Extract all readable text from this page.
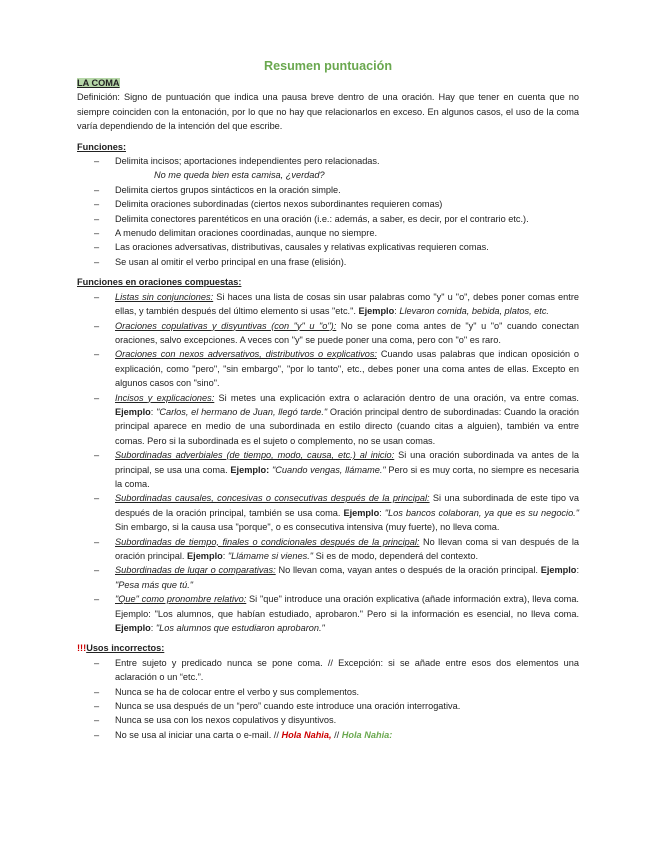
Resumen puntuación
LA COMA
Definición: Signo de puntuación que indica una pausa breve dentro de una oración. Hay que tener en cuenta que no siempre coinciden con la entonación, por lo que no hay que relacionarlos en exceso. En algunos casos, el uso de la coma varía dependiendo de la intención del que escribe.
Funciones:
– Delimita incisos; aportaciones independientes pero relacionadas.
No me queda bien esta camisa, ¿verdad?
– Delimita ciertos grupos sintácticos en la oración simple.
– Delimita oraciones subordinadas (ciertos nexos subordinantes requieren comas)
– Delimita conectores parentéticos en una oración (i.e.: además, a saber, es decir, por el contrario etc.).
– A menudo delimitan oraciones coordinadas, aunque no siempre.
– Las oraciones adversativas, distributivas, causales y relativas explicativas requieren comas.
– Se usan al omitir el verbo principal en una frase (elisión).
Funciones en oraciones compuestas:
– Listas sin conjunciones: Si haces una lista de cosas sin usar palabras como "y" u "o", debes poner comas entre ellas, y también después del último elemento si usas "etc.". Ejemplo: Llevaron comida, bebida, platos, etc.
– Oraciones copulativas y disyuntivas (con "y" u "o"): No se pone coma antes de "y" u "o" cuando conectan oraciones, salvo excepciones. A veces con "y" se puede poner una coma, pero con "o" es raro.
– Oraciones con nexos adversativos, distributivos o explicativos: Cuando usas palabras que indican oposición o explicación, como "pero", "sin embargo", "por lo tanto", etc., debes poner una coma antes de ellas. Excepto en algunos casos con "sino".
– Incisos y explicaciones: Si metes una explicación extra o aclaración dentro de una oración, va entre comas. Ejemplo: "Carlos, el hermano de Juan, llegó tarde." Oración principal dentro de subordinadas: Cuando la oración principal aparece en medio de una subordinada en estilo directo (cuando citas a alguien), también va entre comas. Pero si la subordinada es el sujeto o complemento, no se usan comas.
– Subordinadas adverbiales (de tiempo, modo, causa, etc.) al inicio: Si una oración subordinada va antes de la principal, se usa una coma. Ejemplo: "Cuando vengas, llámame." Pero si es muy corta, no siempre es necesaria la coma.
– Subordinadas causales, concesivas o consecutivas después de la principal: Si una subordinada de este tipo va después de la oración principal, también se usa coma. Ejemplo: "Los bancos colaboran, ya que es su negocio." Sin embargo, si la causa usa "porque", o es consecutiva intensiva (muy fuerte), no lleva coma.
– Subordinadas de tiempo, finales o condicionales después de la principal: No llevan coma si van después de la oración principal. Ejemplo: "Llámame si vienes." Si es de modo, dependerá del contexto.
– Subordinadas de lugar o comparativas: No llevan coma, vayan antes o después de la oración principal. Ejemplo: "Pesa más que tú."
– "Que" como pronombre relativo: Si "que" introduce una oración explicativa (añade información extra), lleva coma. Ejemplo: "Los alumnos, que habían estudiado, aprobaron." Pero si la información es esencial, no lleva coma. Ejemplo: "Los alumnos que estudiaron aprobaron."
!!!Usos incorrectos:
– Entre sujeto y predicado nunca se pone coma. // Excepción: si se añade entre esos dos elementos una aclaración o un “etc.”.
– Nunca se ha de colocar entre el verbo y sus complementos.
– Nunca se usa después de un “pero” cuando este introduce una oración interrogativa.
– Nunca se usa con los nexos copulativos y disyuntivos.
– No se usa al iniciar una carta o e-mail. // Hola Nahia, // Hola Nahia:
